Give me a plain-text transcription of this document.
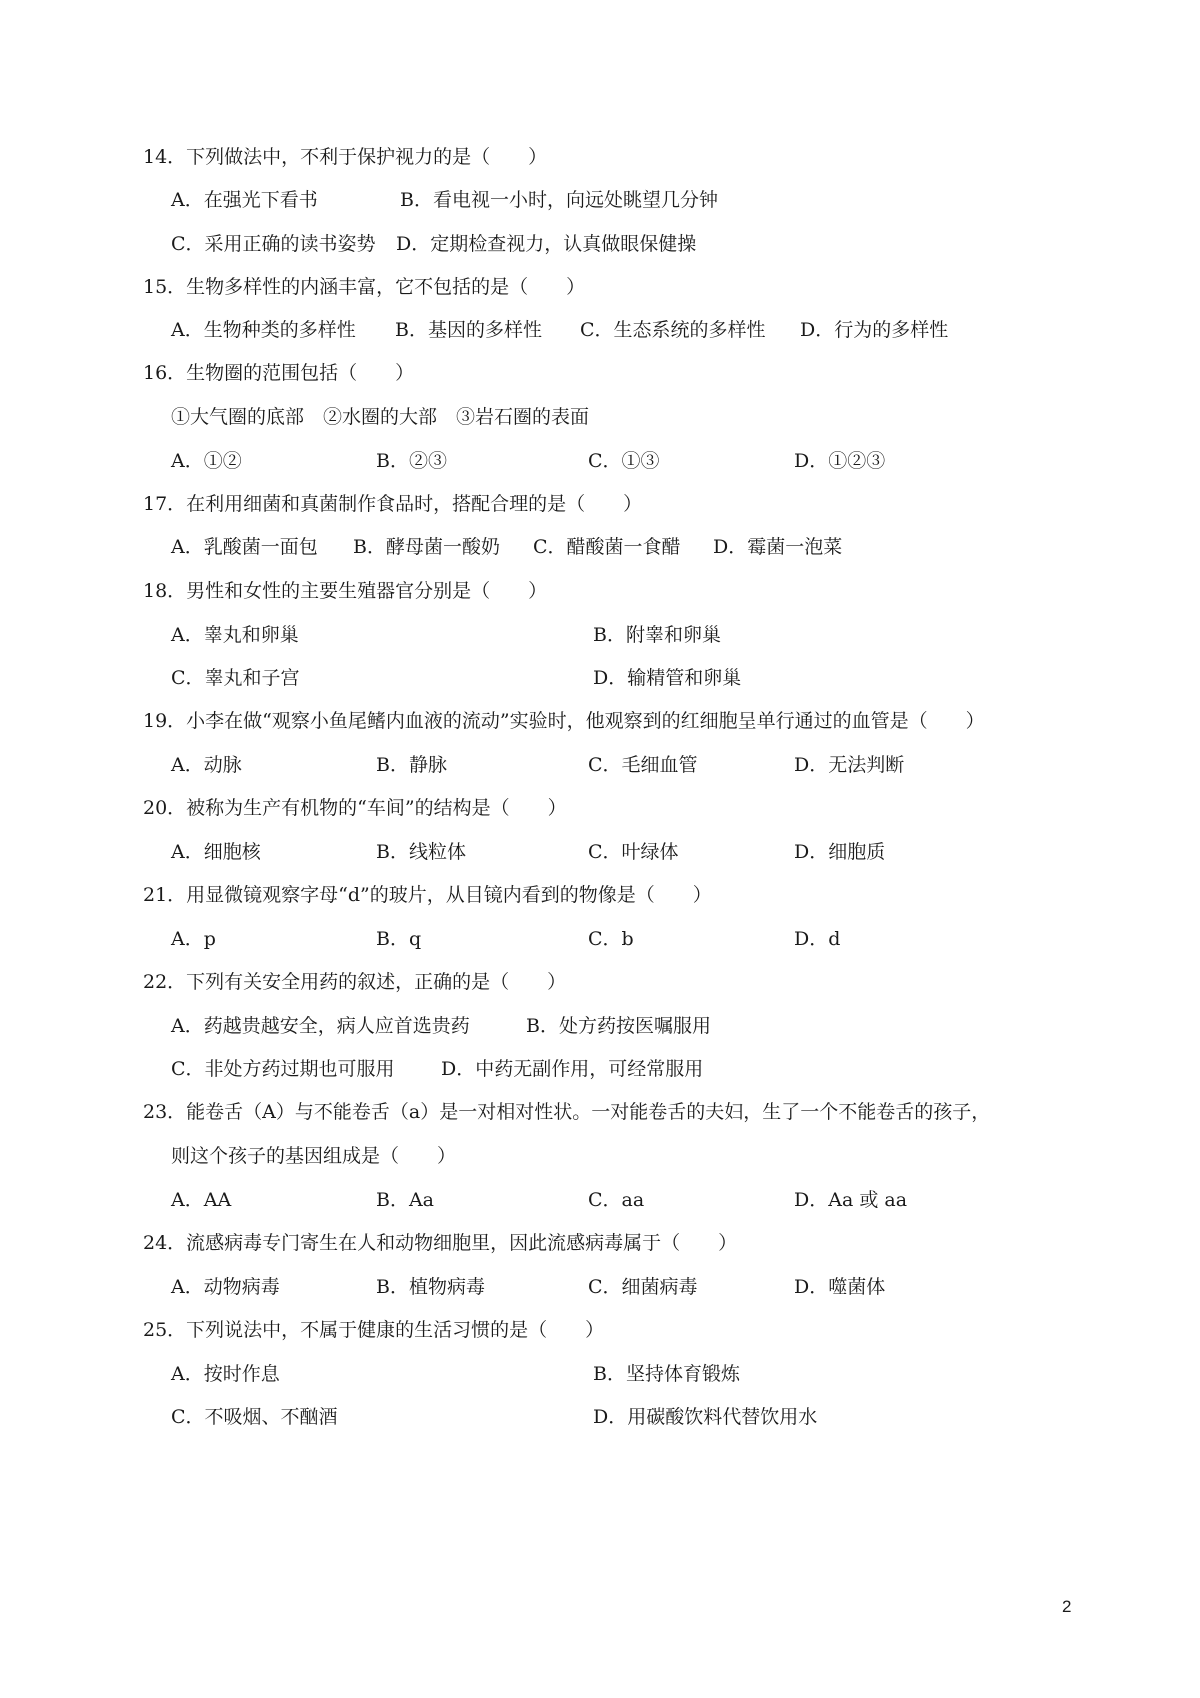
14．下列做法中，不利于保护视力的是（　　）
A．在强光下看书	B．看电视一小时，向远处眺望几分钟
C．采用正确的读书姿势 D．定期检查视力，认真做眼保健操
15．生物多样性的内涵丰富，它不包括的是（　　）
A．生物种类的多样性 B．基因的多样性 C．生态系统的多样性 D．行为的多样性
16．生物圈的范围包括（　　）
①大气圈的底部　②水圈的大部　③岩石圈的表面
A．①②	B．②③	C．①③	D．①②③
17．在利用细菌和真菌制作食品时，搭配合理的是（　　）
A．乳酸菌一面包 B．酵母菌一酸奶 C．醋酸菌一食醋 D．霉菌一泡菜
18．男性和女性的主要生殖器官分别是（　　）
A．睾丸和卵巢	B．附睾和卵巢
C．睾丸和子宫	D．输精管和卵巢
19．小李在做“观察小鱼尾鳍内血液的流动”实验时，他观察到的红细胞呈单行通过的血管是（　　）
A．动脉	B．静脉	C．毛细血管	D．无法判断
20．被称为生产有机物的“车间”的结构是（　　）
A．细胞核	B．线粒体	C．叶绿体	D．细胞质
21．用显微镜观察字母“d”的玻片，从目镜内看到的物像是（　　）
A．p	B．q	C．b	D．d
22．下列有关安全用药的叙述，正确的是（　　）
A．药越贵越安全，病人应首选贵药	B．处方药按医嘱服用
C．非处方药过期也可服用 D．中药无副作用，可经常服用
23．能卷舌（A）与不能卷舌（a）是一对相对性状。一对能卷舌的夫妇，生了一个不能卷舌的孩子，
则这个孩子的基因组成是（　　）
A．AA	B．Aa	C．aa	D．Aa 或 aa
24．流感病毒专门寄生在人和动物细胞里，因此流感病毒属于（　　）
A．动物病毒	B．植物病毒	C．细菌病毒	D．噬菌体
25．下列说法中，不属于健康的生活习惯的是（　　）
A．按时作息	B．坚持体育锻炼
C．不吸烟、不酗酒	D．用碳酸饮料代替饮用水
2
